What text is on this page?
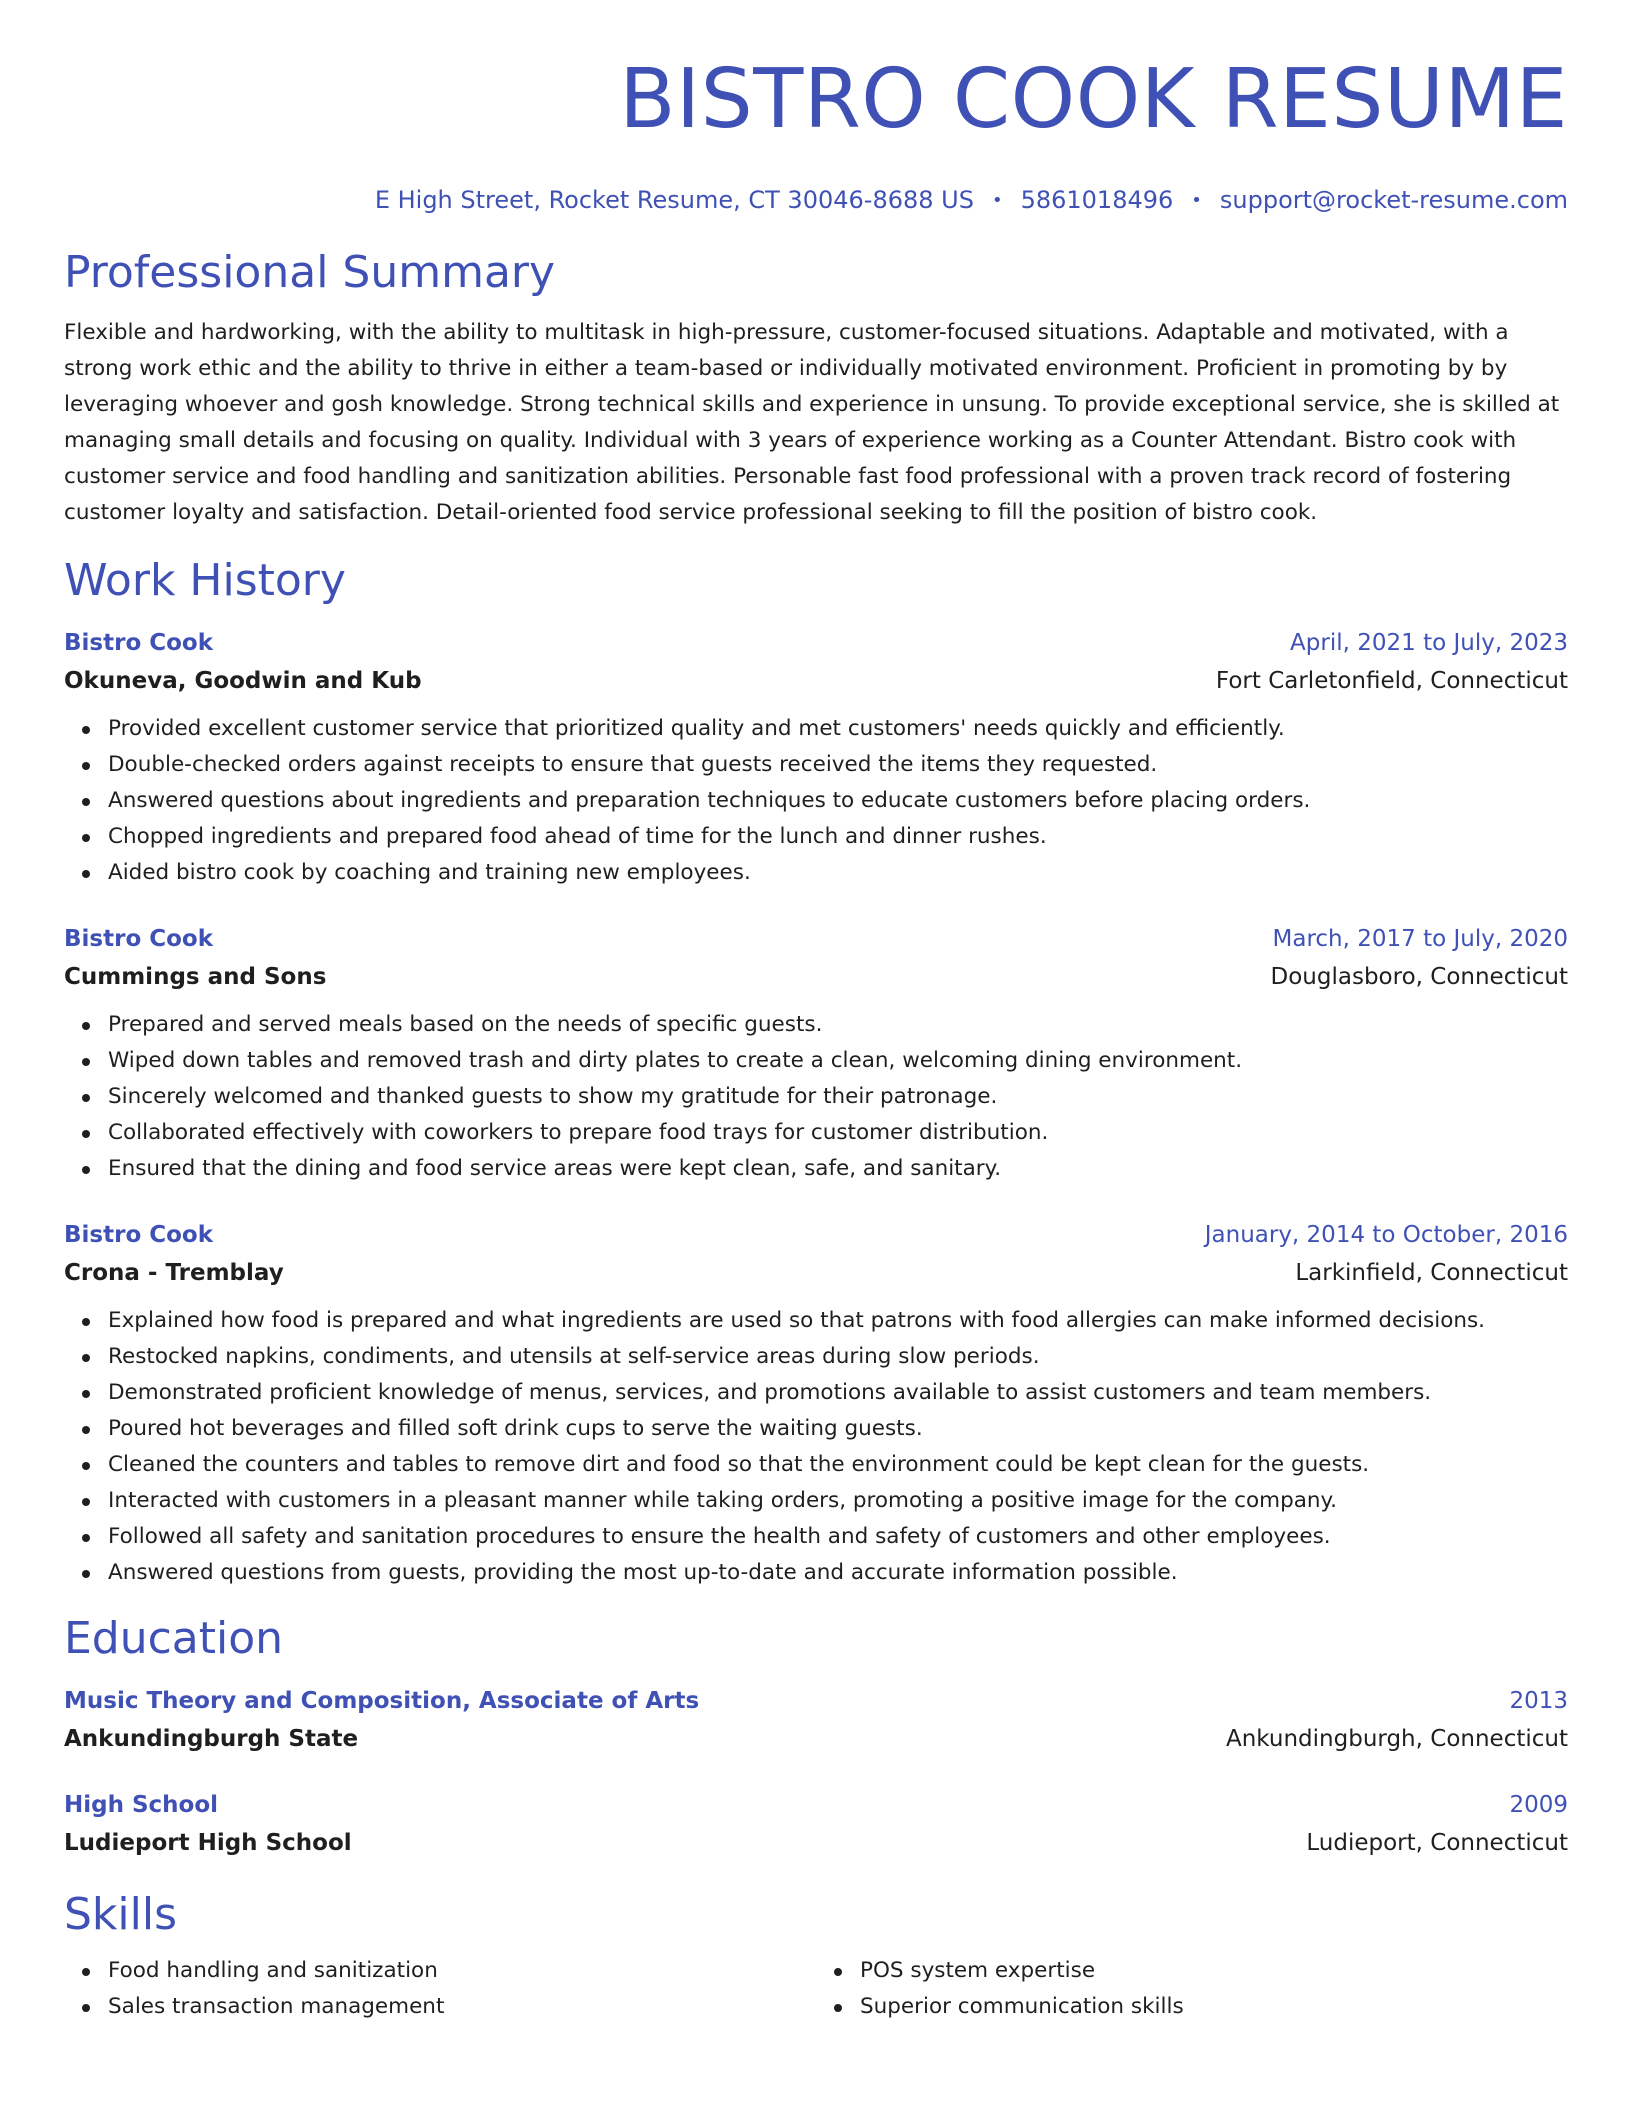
BISTRO COOK RESUME
E High Street, Rocket Resume, CT 30046-8688 US • 5861018496 • support@rocket-resume.com
Professional Summary

Flexible and hardworking, with the ability to multitask in high-pressure, customer-focused situations. Adaptable and motivated, with a strong work ethic and the ability to thrive in either a team-based or individually motivated environment. Proficient in promoting by by leveraging whoever and gosh knowledge. Strong technical skills and experience in unsung. To provide exceptional service, she is skilled at managing small details and focusing on quality. Individual with 3 years of experience working as a Counter Attendant. Bistro cook with customer service and food handling and sanitization abilities. Personable fast food professional with a proven track record of fostering customer loyalty and satisfaction. Detail-oriented food service professional seeking to fill the position of bistro cook.

Work History
Bistro Cook	April, 2021 to July, 2023
Okuneva, Goodwin and Kub	Fort Carletonfield, Connecticut
Provided excellent customer service that prioritized quality and met customers' needs quickly and efficiently.
Double-checked orders against receipts to ensure that guests received the items they requested.
Answered questions about ingredients and preparation techniques to educate customers before placing orders.
Chopped ingredients and prepared food ahead of time for the lunch and dinner rushes.
Aided bistro cook by coaching and training new employees.
Bistro Cook	March, 2017 to July, 2020
Cummings and Sons	Douglasboro, Connecticut
Prepared and served meals based on the needs of specific guests.
Wiped down tables and removed trash and dirty plates to create a clean, welcoming dining environment.
Sincerely welcomed and thanked guests to show my gratitude for their patronage.
Collaborated effectively with coworkers to prepare food trays for customer distribution.
Ensured that the dining and food service areas were kept clean, safe, and sanitary.
Bistro Cook	January, 2014 to October, 2016
Crona - Tremblay	Larkinfield, Connecticut
Explained how food is prepared and what ingredients are used so that patrons with food allergies can make informed decisions.
Restocked napkins, condiments, and utensils at self-service areas during slow periods.
Demonstrated proficient knowledge of menus, services, and promotions available to assist customers and team members.
Poured hot beverages and filled soft drink cups to serve the waiting guests.
Cleaned the counters and tables to remove dirt and food so that the environment could be kept clean for the guests.
Interacted with customers in a pleasant manner while taking orders, promoting a positive image for the company.
Followed all safety and sanitation procedures to ensure the health and safety of customers and other employees.
Answered questions from guests, providing the most up-to-date and accurate information possible.
Education
Music Theory and Composition, Associate of Arts	2013
Ankundingburgh State	Ankundingburgh, Connecticut
High School	2009
Ludieport High School	Ludieport, Connecticut
Skills
Food handling and sanitization
Sales transaction management
POS system expertise
Superior communication skills
